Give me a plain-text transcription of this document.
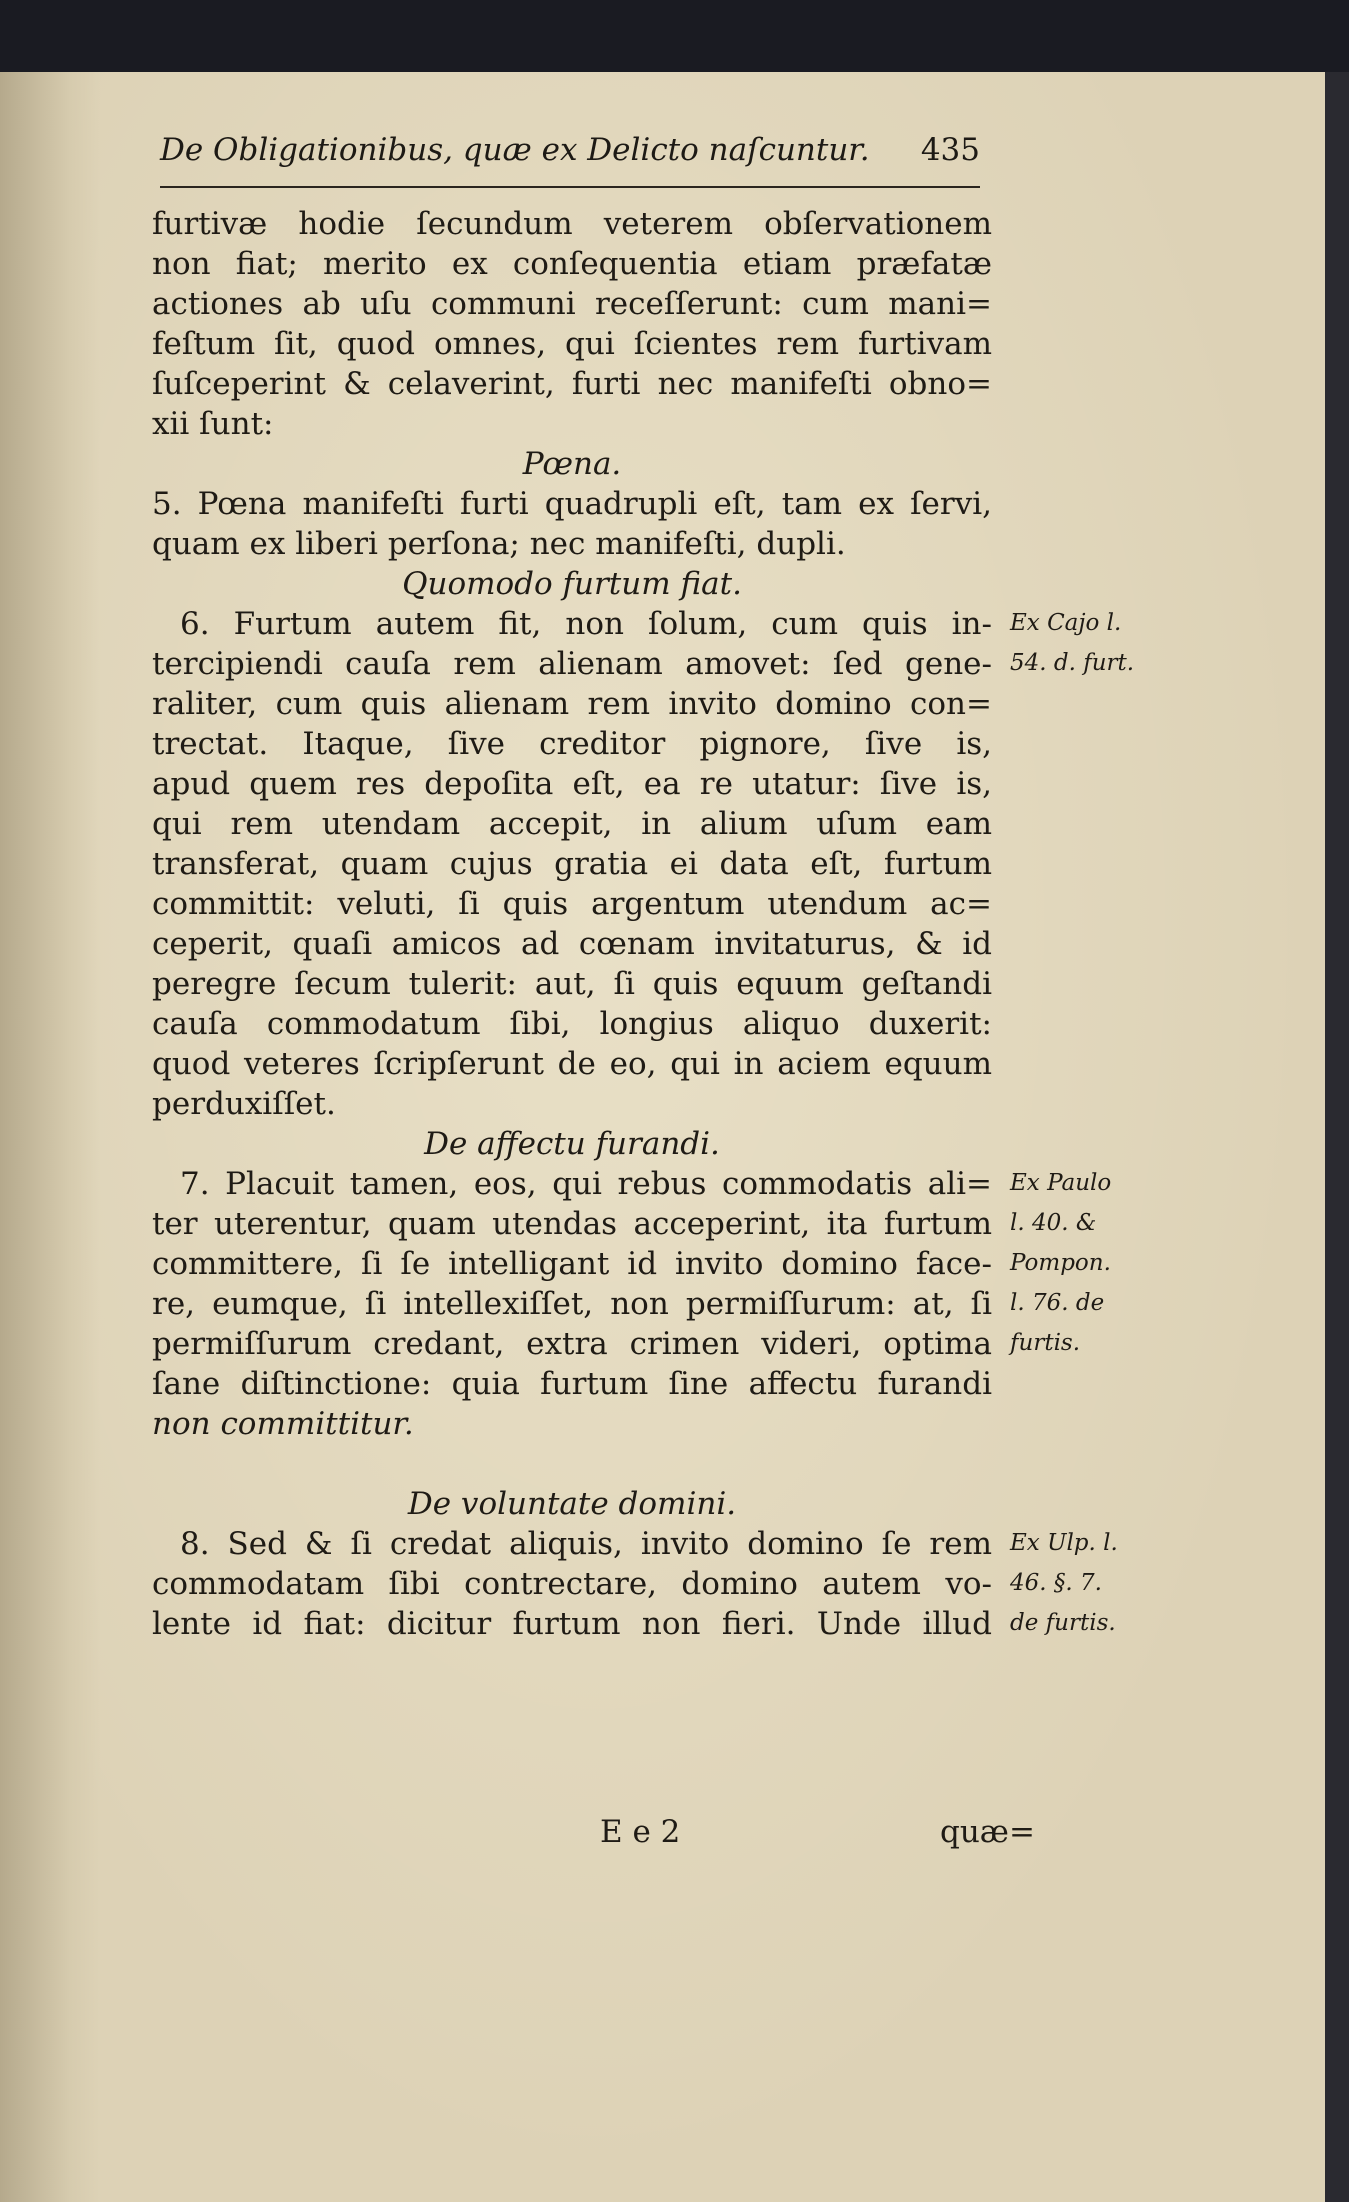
De Obligationibus, quæ ex Delicto naſcuntur. 435
furtivæ hodie ſecundum veterem obſervationem
non fiat; merito ex conſequentia etiam præfatæ
actiones ab uſu communi receſſerunt: cum mani=
feſtum ſit, quod omnes, qui ſcientes rem furtivam
ſuſceperint & celaverint, furti nec manifeſti obno=
xii ſunt:
Pœna.
5. Pœna manifeſti furti quadrupli eſt, tam ex ſervi,
quam ex liberi perſona; nec manifeſti, dupli.
Quomodo furtum fiat.
6. Furtum autem fit, non ſolum, cum quis in-
tercipiendi cauſa rem alienam amovet: ſed gene-
raliter, cum quis alienam rem invito domino con=
trectat. Itaque, ſive creditor pignore, ſive is,
apud quem res depoſita eſt, ea re utatur: ſive is,
qui rem utendam accepit, in alium uſum eam
transferat, quam cujus gratia ei data eſt, furtum
committit: veluti, ſi quis argentum utendum ac=
ceperit, quaſi amicos ad cœnam invitaturus, & id
peregre ſecum tulerit: aut, ſi quis equum geſtandi
cauſa commodatum ſibi, longius aliquo duxerit:
quod veteres ſcripſerunt de eo, qui in aciem equum
perduxiſſet.
De affectu furandi.
7. Placuit tamen, eos, qui rebus commodatis ali=
ter uterentur, quam utendas acceperint, ita furtum
committere, ſi ſe intelligant id invito domino face-
re, eumque, ſi intellexiſſet, non permiſſurum: at, ſi
permiſſurum credant, extra crimen videri, optima
ſane diſtinctione: quia furtum ſine affectu furandi
non committitur.
De voluntate domini.
8. Sed & ſi credat aliquis, invito domino ſe rem
commodatam ſibi contrectare, domino autem vo-
lente id fiat: dicitur furtum non fieri. Unde illud
Ex Cajo l.
54. d. furt.
Ex Paulo
l. 40. &
Pompon.
l. 76. de
furtis.
Ex Ulp. l.
46. §. 7.
de furtis.
E e 2	quæ=
